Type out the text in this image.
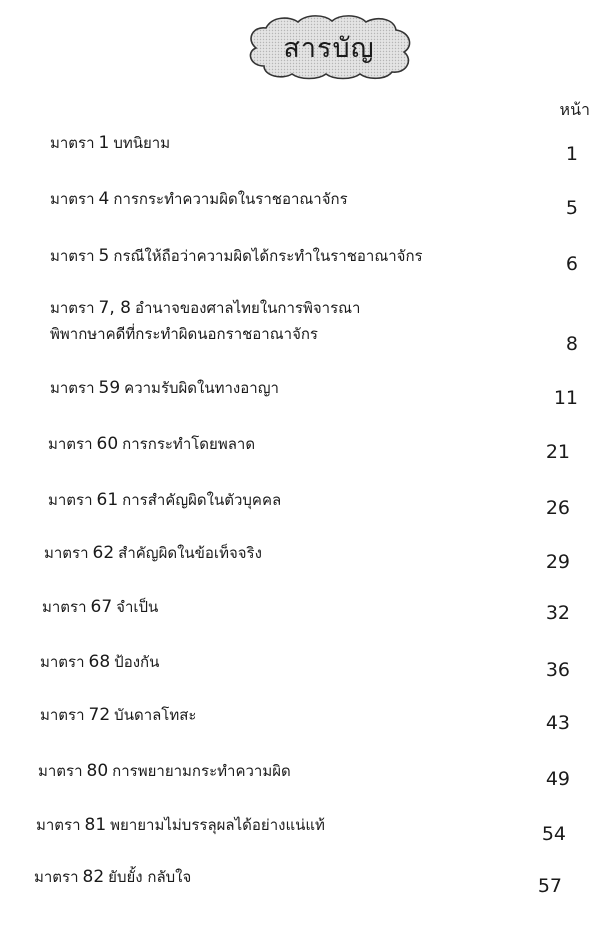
สารบัญ
หน้า
มาตรา 1 บทนิยาม	1
มาตรา 4 การกระทำความผิดในราชอาณาจักร	5
มาตรา 5 กรณีให้ถือว่าความผิดได้กระทำในราชอาณาจักร	6
มาตรา 7, 8 อำนาจของศาลไทยในการพิจารณา
พิพากษาคดีที่กระทำผิดนอกราชอาณาจักร	8
มาตรา 59 ความรับผิดในทางอาญา	11
มาตรา 60 การกระทำโดยพลาด	21
มาตรา 61 การสำคัญผิดในตัวบุคคล	26
มาตรา 62 สำคัญผิดในข้อเท็จจริง	29
มาตรา 67 จำเป็น	32
มาตรา 68 ป้องกัน	36
มาตรา 72 บันดาลโทสะ	43
มาตรา 80 การพยายามกระทำความผิด	49
มาตรา 81 พยายามไม่บรรลุผลได้อย่างแน่แท้	54
มาตรา 82 ยับยั้ง กลับใจ	57
